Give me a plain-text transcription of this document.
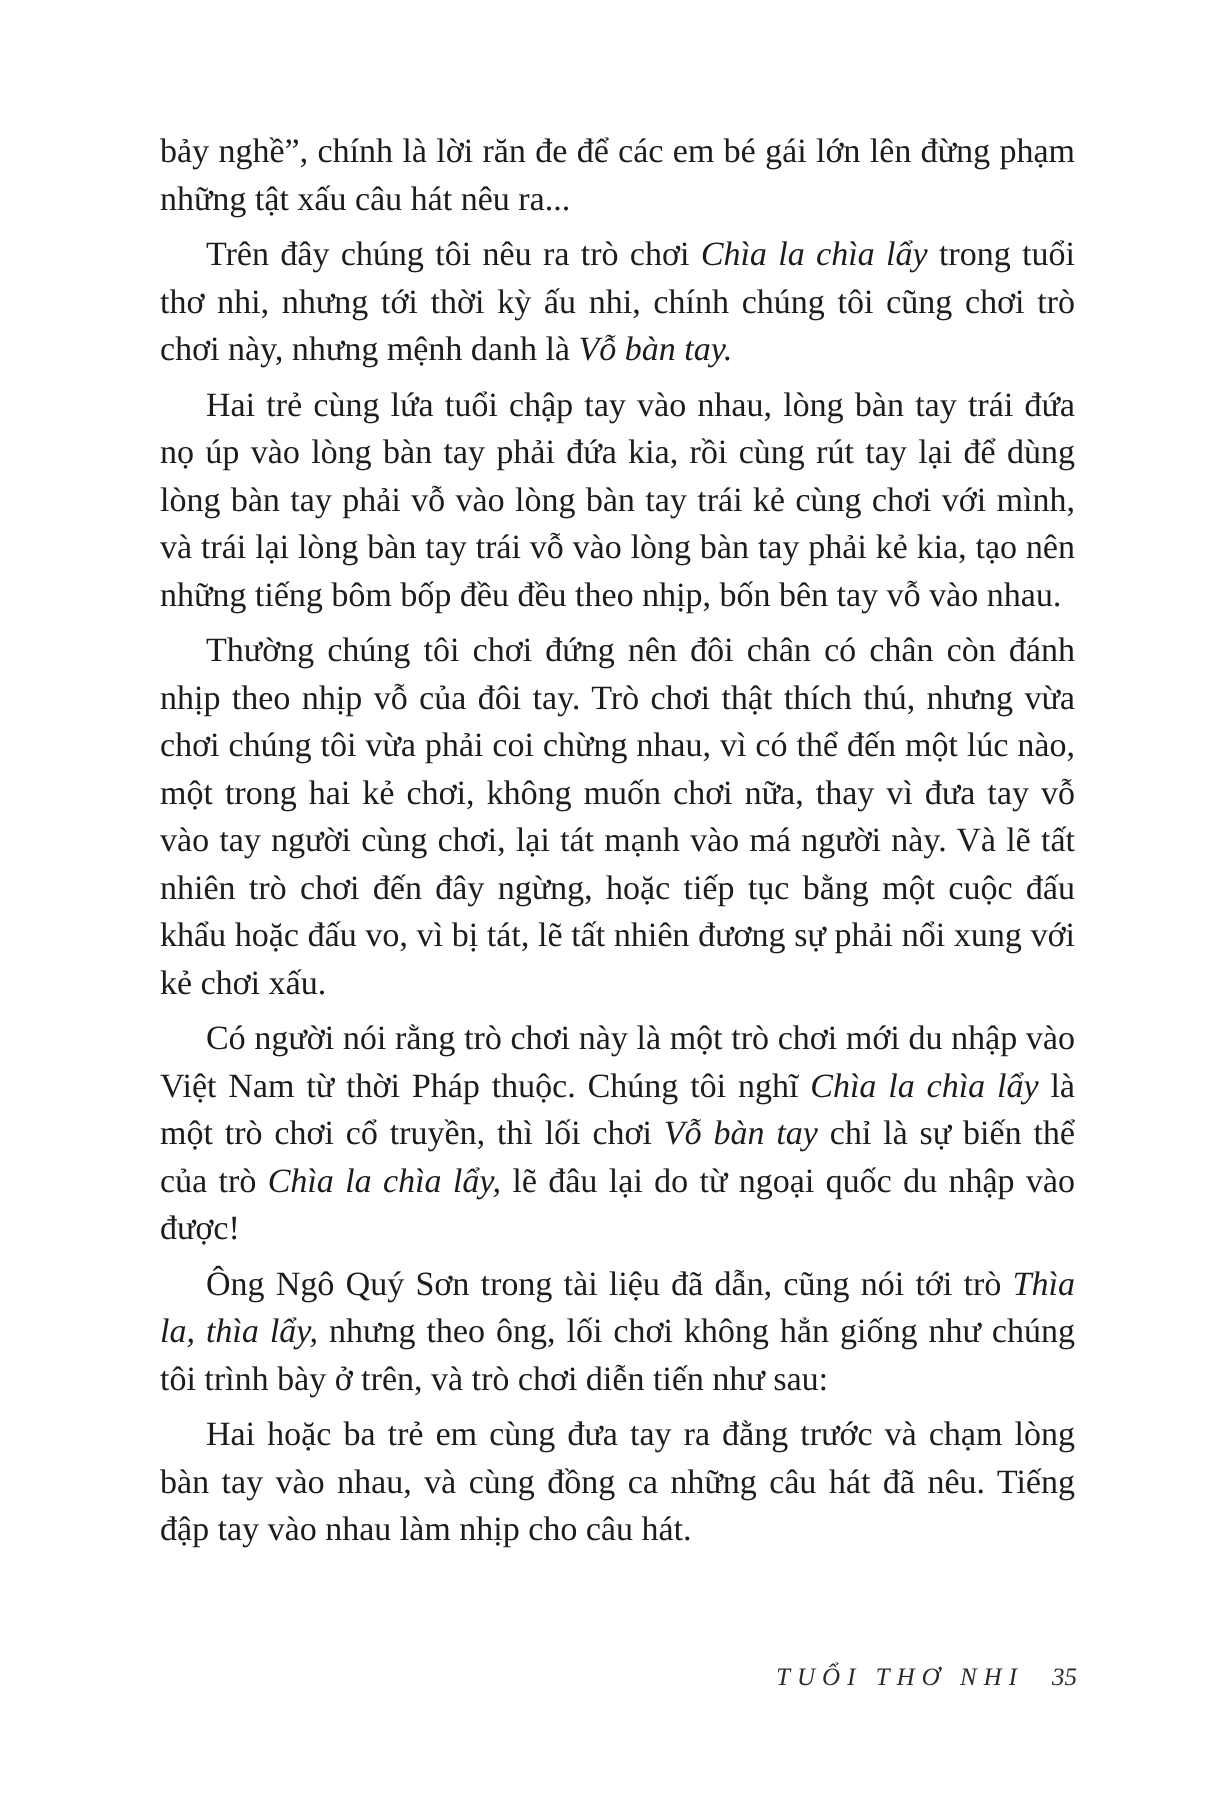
bảy nghề”, chính là lời răn đe để các em bé gái lớn lên đừng phạm những tật xấu câu hát nêu ra...

Trên đây chúng tôi nêu ra trò chơi Chìa la chìa lẩy trong tuổi thơ nhi, nhưng tới thời kỳ ấu nhi, chính chúng tôi cũng chơi trò chơi này, nhưng mệnh danh là Vỗ bàn tay.

Hai trẻ cùng lứa tuổi chập tay vào nhau, lòng bàn tay trái đứa nọ úp vào lòng bàn tay phải đứa kia, rồi cùng rút tay lại để dùng lòng bàn tay phải vỗ vào lòng bàn tay trái kẻ cùng chơi với mình, và trái lại lòng bàn tay trái vỗ vào lòng bàn tay phải kẻ kia, tạo nên những tiếng bôm bốp đều đều theo nhịp, bốn bên tay vỗ vào nhau.

Thường chúng tôi chơi đứng nên đôi chân có chân còn đánh nhịp theo nhịp vỗ của đôi tay. Trò chơi thật thích thú, nhưng vừa chơi chúng tôi vừa phải coi chừng nhau, vì có thể đến một lúc nào, một trong hai kẻ chơi, không muốn chơi nữa, thay vì đưa tay vỗ vào tay người cùng chơi, lại tát mạnh vào má người này. Và lẽ tất nhiên trò chơi đến đây ngừng, hoặc tiếp tục bằng một cuộc đấu khẩu hoặc đấu vo, vì bị tát, lẽ tất nhiên đương sự phải nổi xung với kẻ chơi xấu.

Có người nói rằng trò chơi này là một trò chơi mới du nhập vào Việt Nam từ thời Pháp thuộc. Chúng tôi nghĩ Chìa la chìa lẩy là một trò chơi cổ truyền, thì lối chơi Vỗ bàn tay chỉ là sự biến thể của trò Chìa la chìa lẩy, lẽ đâu lại do từ ngoại quốc du nhập vào được!

Ông Ngô Quý Sơn trong tài liệu đã dẫn, cũng nói tới trò Thìa la, thìa lẩy, nhưng theo ông, lối chơi không hẳn giống như chúng tôi trình bày ở trên, và trò chơi diễn tiến như sau:

Hai hoặc ba trẻ em cùng đưa tay ra đằng trước và chạm lòng bàn tay vào nhau, và cùng đồng ca những câu hát đã nêu. Tiếng đập tay vào nhau làm nhịp cho câu hát.

TUỔI THƠ NHI 35
